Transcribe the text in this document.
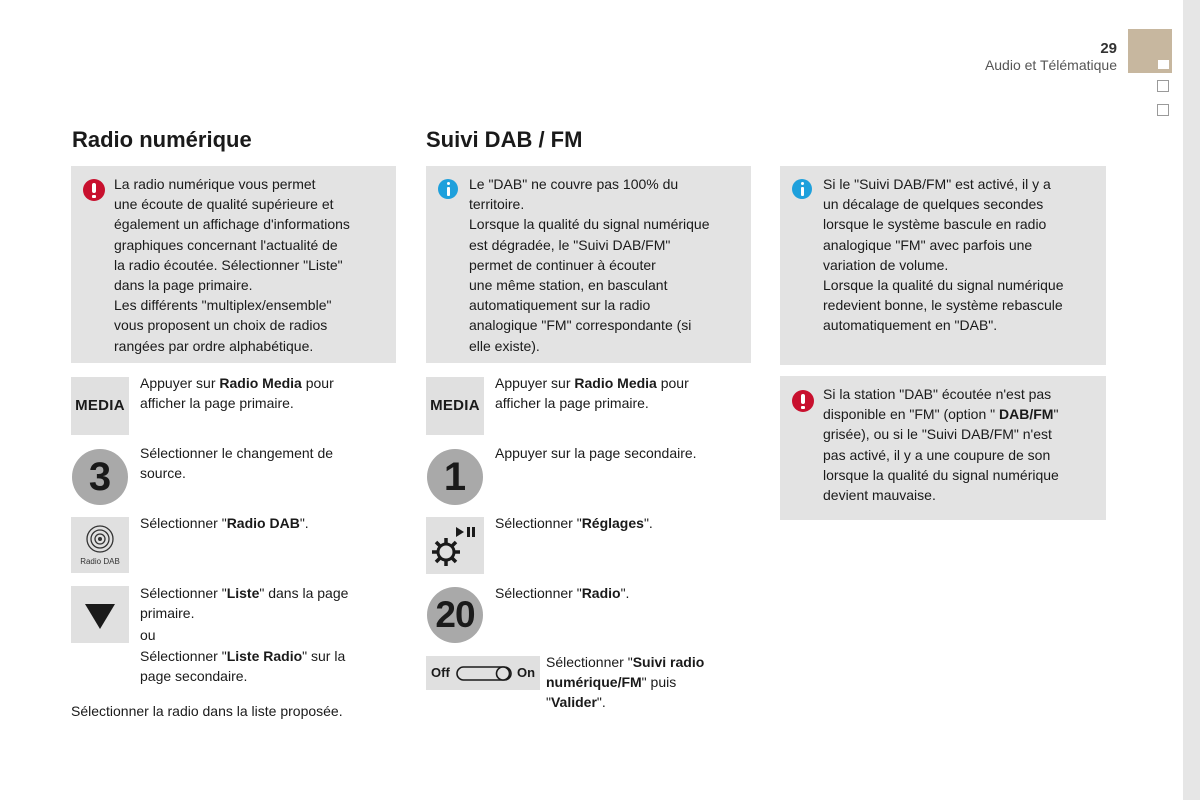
29
Audio et Télématique
Radio numérique
La radio numérique vous permet
une écoute de qualité supérieure et
également un affichage d'informations
graphiques concernant l'actualité de
la radio écoutée. Sélectionner "Liste"
dans la page primaire.
Les différents "multiplex/ensemble"
vous proposent un choix de radios
rangées par ordre alphabétique.
MEDIA
Appuyer sur Radio Media pour
afficher la page primaire.
3
Sélectionner le changement de
source.
Radio DAB
Sélectionner "Radio DAB".
Sélectionner "Liste" dans la page
primaire.
ou
Sélectionner "Liste Radio" sur la
page secondaire.
Sélectionner la radio dans la liste proposée.
Suivi DAB / FM
Le "DAB" ne couvre pas 100% du
territoire.
Lorsque la qualité du signal numérique
est dégradée, le "Suivi DAB/FM"
permet de continuer à écouter
une même station, en basculant
automatiquement sur la radio
analogique "FM" correspondante (si
elle existe).
MEDIA
Appuyer sur Radio Media pour
afficher la page primaire.
1
Appuyer sur la page secondaire.
Sélectionner "Réglages".
20
Sélectionner "Radio".
Off	On
Sélectionner "Suivi radio
numérique/FM" puis
"Valider".
Si le "Suivi DAB/FM" est activé, il y a
un décalage de quelques secondes
lorsque le système bascule en radio
analogique "FM" avec parfois une
variation de volume.
Lorsque la qualité du signal numérique
redevient bonne, le système rebascule
automatiquement en "DAB".
Si la station "DAB" écoutée n'est pas
disponible en "FM" (option " DAB/FM"
grisée), ou si le "Suivi DAB/FM" n'est
pas activé, il y a une coupure de son
lorsque la qualité du signal numérique
devient mauvaise.
